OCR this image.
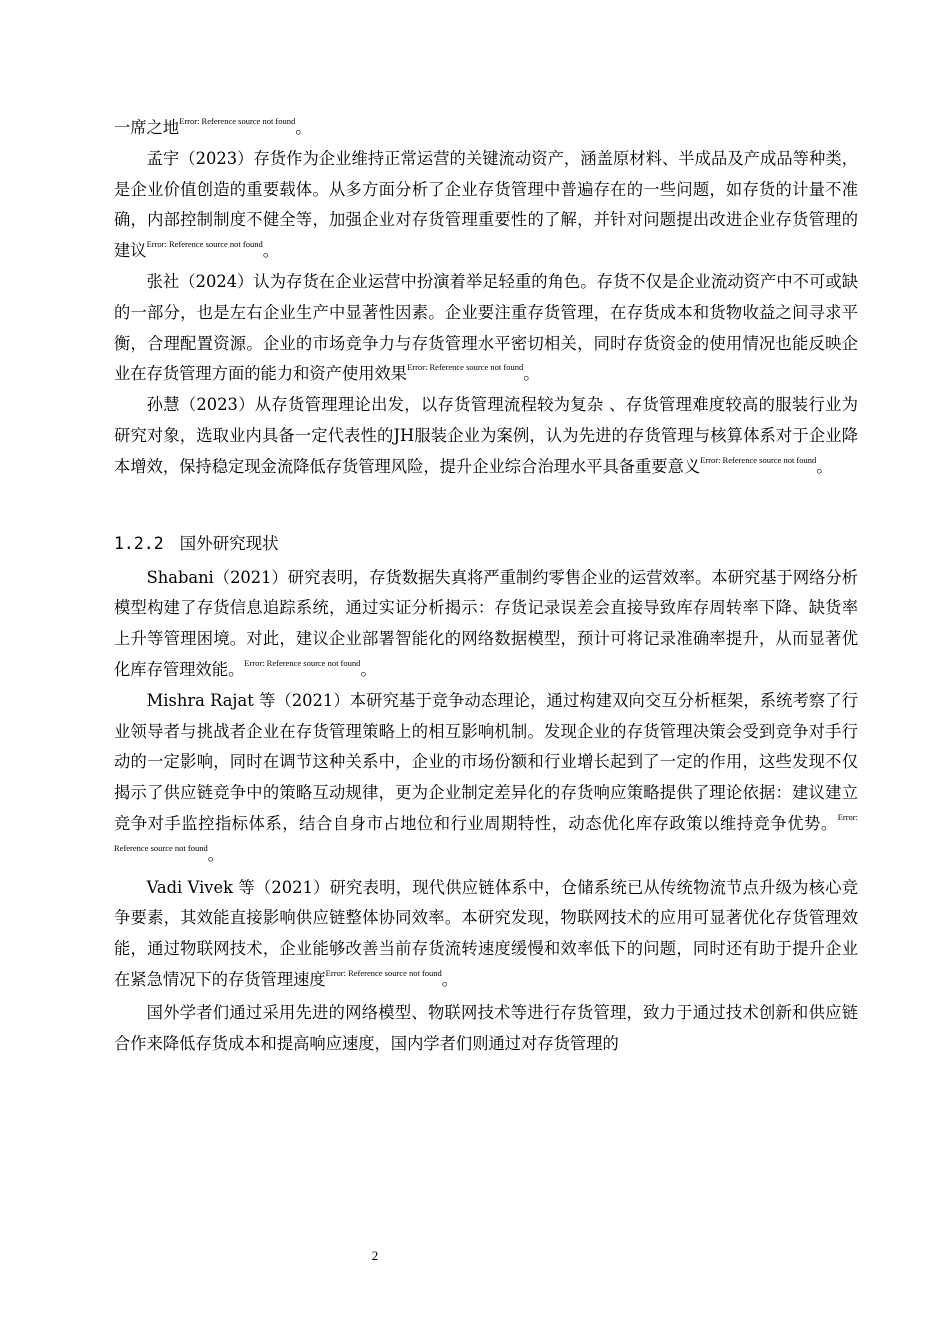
一席之地$^{Error: Reference source not found}$。

孟宇（2023）存货作为企业维持正常运营的关键流动资产，涵盖原材料、半成品及产成品等种类，是企业价值创造的重要载体。从多方面分析了企业存货管理中普遍存在的一些问题，如存货的计量不准确，内部控制制度不健全等，加强企业对存货管理重要性的了解，并针对问题提出改进企业存货管理的建议$^{Error: Reference source not found}$。

张社（2024）认为存货在企业运营中扮演着举足轻重的角色。存货不仅是企业流动资产中不可或缺的一部分，也是左右企业生产中显著性因素。企业要注重存货管理，在存货成本和货物收益之间寻求平衡，合理配置资源。企业的市场竞争力与存货管理水平密切相关，同时存货资金的使用情况也能反映企业在存货管理方面的能力和资产使用效果$^{Error: Reference source not found}$。

孙慧（2023）从存货管理理论出发，以存货管理流程较为复杂 、存货管理难度较高的服装行业为研究对象，选取业内具备一定代表性的JH服装企业为案例，认为先进的存货管理与核算体系对于企业降本增效，保持稳定现金流降低存货管理风险，提升企业综合治理水平具备重要意义$^{Error: Reference source not found}$。

1.2.2 国外研究现状

Shabani（2021）研究表明，存货数据失真将严重制约零售企业的运营效率。本研究基于网络分析模型构建了存货信息追踪系统，通过实证分析揭示：存货记录误差会直接导致库存周转率下降、缺货率上升等管理困境。对此，建议企业部署智能化的网络数据模型，预计可将记录准确率提升，从而显著优化库存管理效能。$^{Error: Reference source not found}$。

Mishra Rajat 等（2021）本研究基于竞争动态理论，通过构建双向交互分析框架，系统考察了行业领导者与挑战者企业在存货管理策略上的相互影响机制。发现企业的存货管理决策会受到竞争对手行动的一定影响，同时在调节这种关系中，企业的市场份额和行业增长起到了一定的作用，这些发现不仅揭示了供应链竞争中的策略互动规律，更为企业制定差异化的存货响应策略提供了理论依据：建议建立竞争对手监控指标体系，结合自身市占地位和行业周期特性，动态优化库存政策以维持竞争优势。$^{Error: Reference source not found}$。

Vadi Vivek 等（2021）研究表明，现代供应链体系中，仓储系统已从传统物流节点升级为核心竞争要素，其效能直接影响供应链整体协同效率。本研究发现，物联网技术的应用可显著优化存货管理效能，通过物联网技术，企业能够改善当前存货流转速度缓慢和效率低下的问题，同时还有助于提升企业在紧急情况下的存货管理速度$^{Error: Reference source not found}$。

国外学者们通过采用先进的网络模型、物联网技术等进行存货管理，致力于通过技术创新和供应链合作来降低存货成本和提高响应速度，国内学者们则通过对存货管理的

2
